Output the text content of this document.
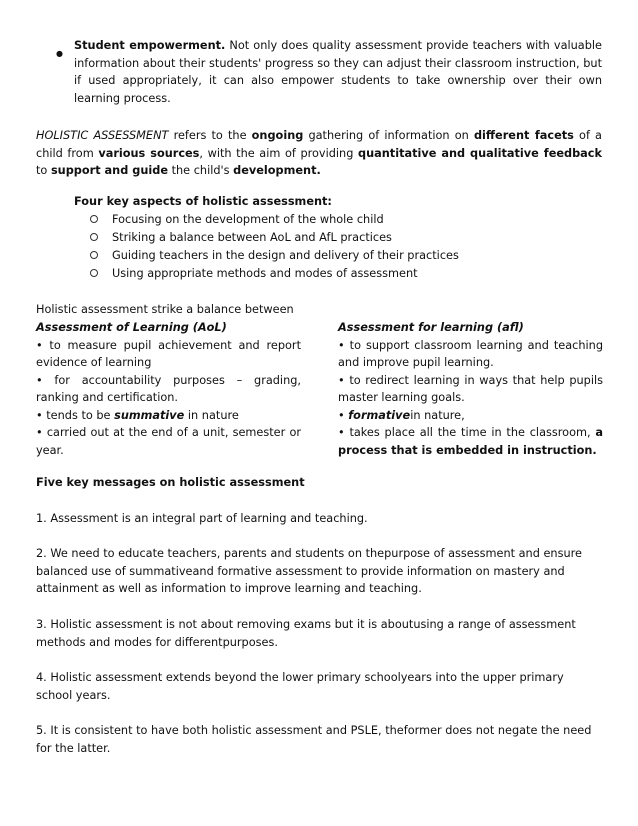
●
Student empowerment. Not only does quality assessment provide teachers with valuable information about their students' progress so they can adjust their classroom instruction, but if used appropriately, it can also empower students to take ownership over their own learning process.
HOLISTIC ASSESSMENT refers to the ongoing gathering of information on different facets of a child from various sources, with the aim of providing quantitative and qualitative feedback to support and guide the child's development.
Four key aspects of holistic assessment:
Focusing on the development of the whole child
Striking a balance between AoL and AfL practices
Guiding teachers in the design and delivery of their practices
Using appropriate methods and modes of assessment
Holistic assessment strike a balance between

Assessment of Learning (AoL)

• to measure pupil achievement and report evidence of learning

• for accountability purposes – grading, ranking and certification.

• tends to be summative in nature

• carried out at the end of a unit, semester or year.

Assessment for learning (afl)

• to support classroom learning and teaching and improve pupil learning.

• to redirect learning in ways that help pupils master learning goals.

• formativein nature,

• takes place all the time in the classroom, a process that is embedded in instruction.

Five key messages on holistic assessment

1. Assessment is an integral part of learning and teaching.

2. We need to educate teachers, parents and students on thepurpose of assessment and ensure balanced use of summativeand formative assessment to provide information on mastery and attainment as well as information to improve learning and teaching.

3. Holistic assessment is not about removing exams but it is aboutusing a range of assessment methods and modes for differentpurposes.

4. Holistic assessment extends beyond the lower primary schoolyears into the upper primary school years.

5. It is consistent to have both holistic assessment and PSLE, theformer does not negate the need for the latter.
